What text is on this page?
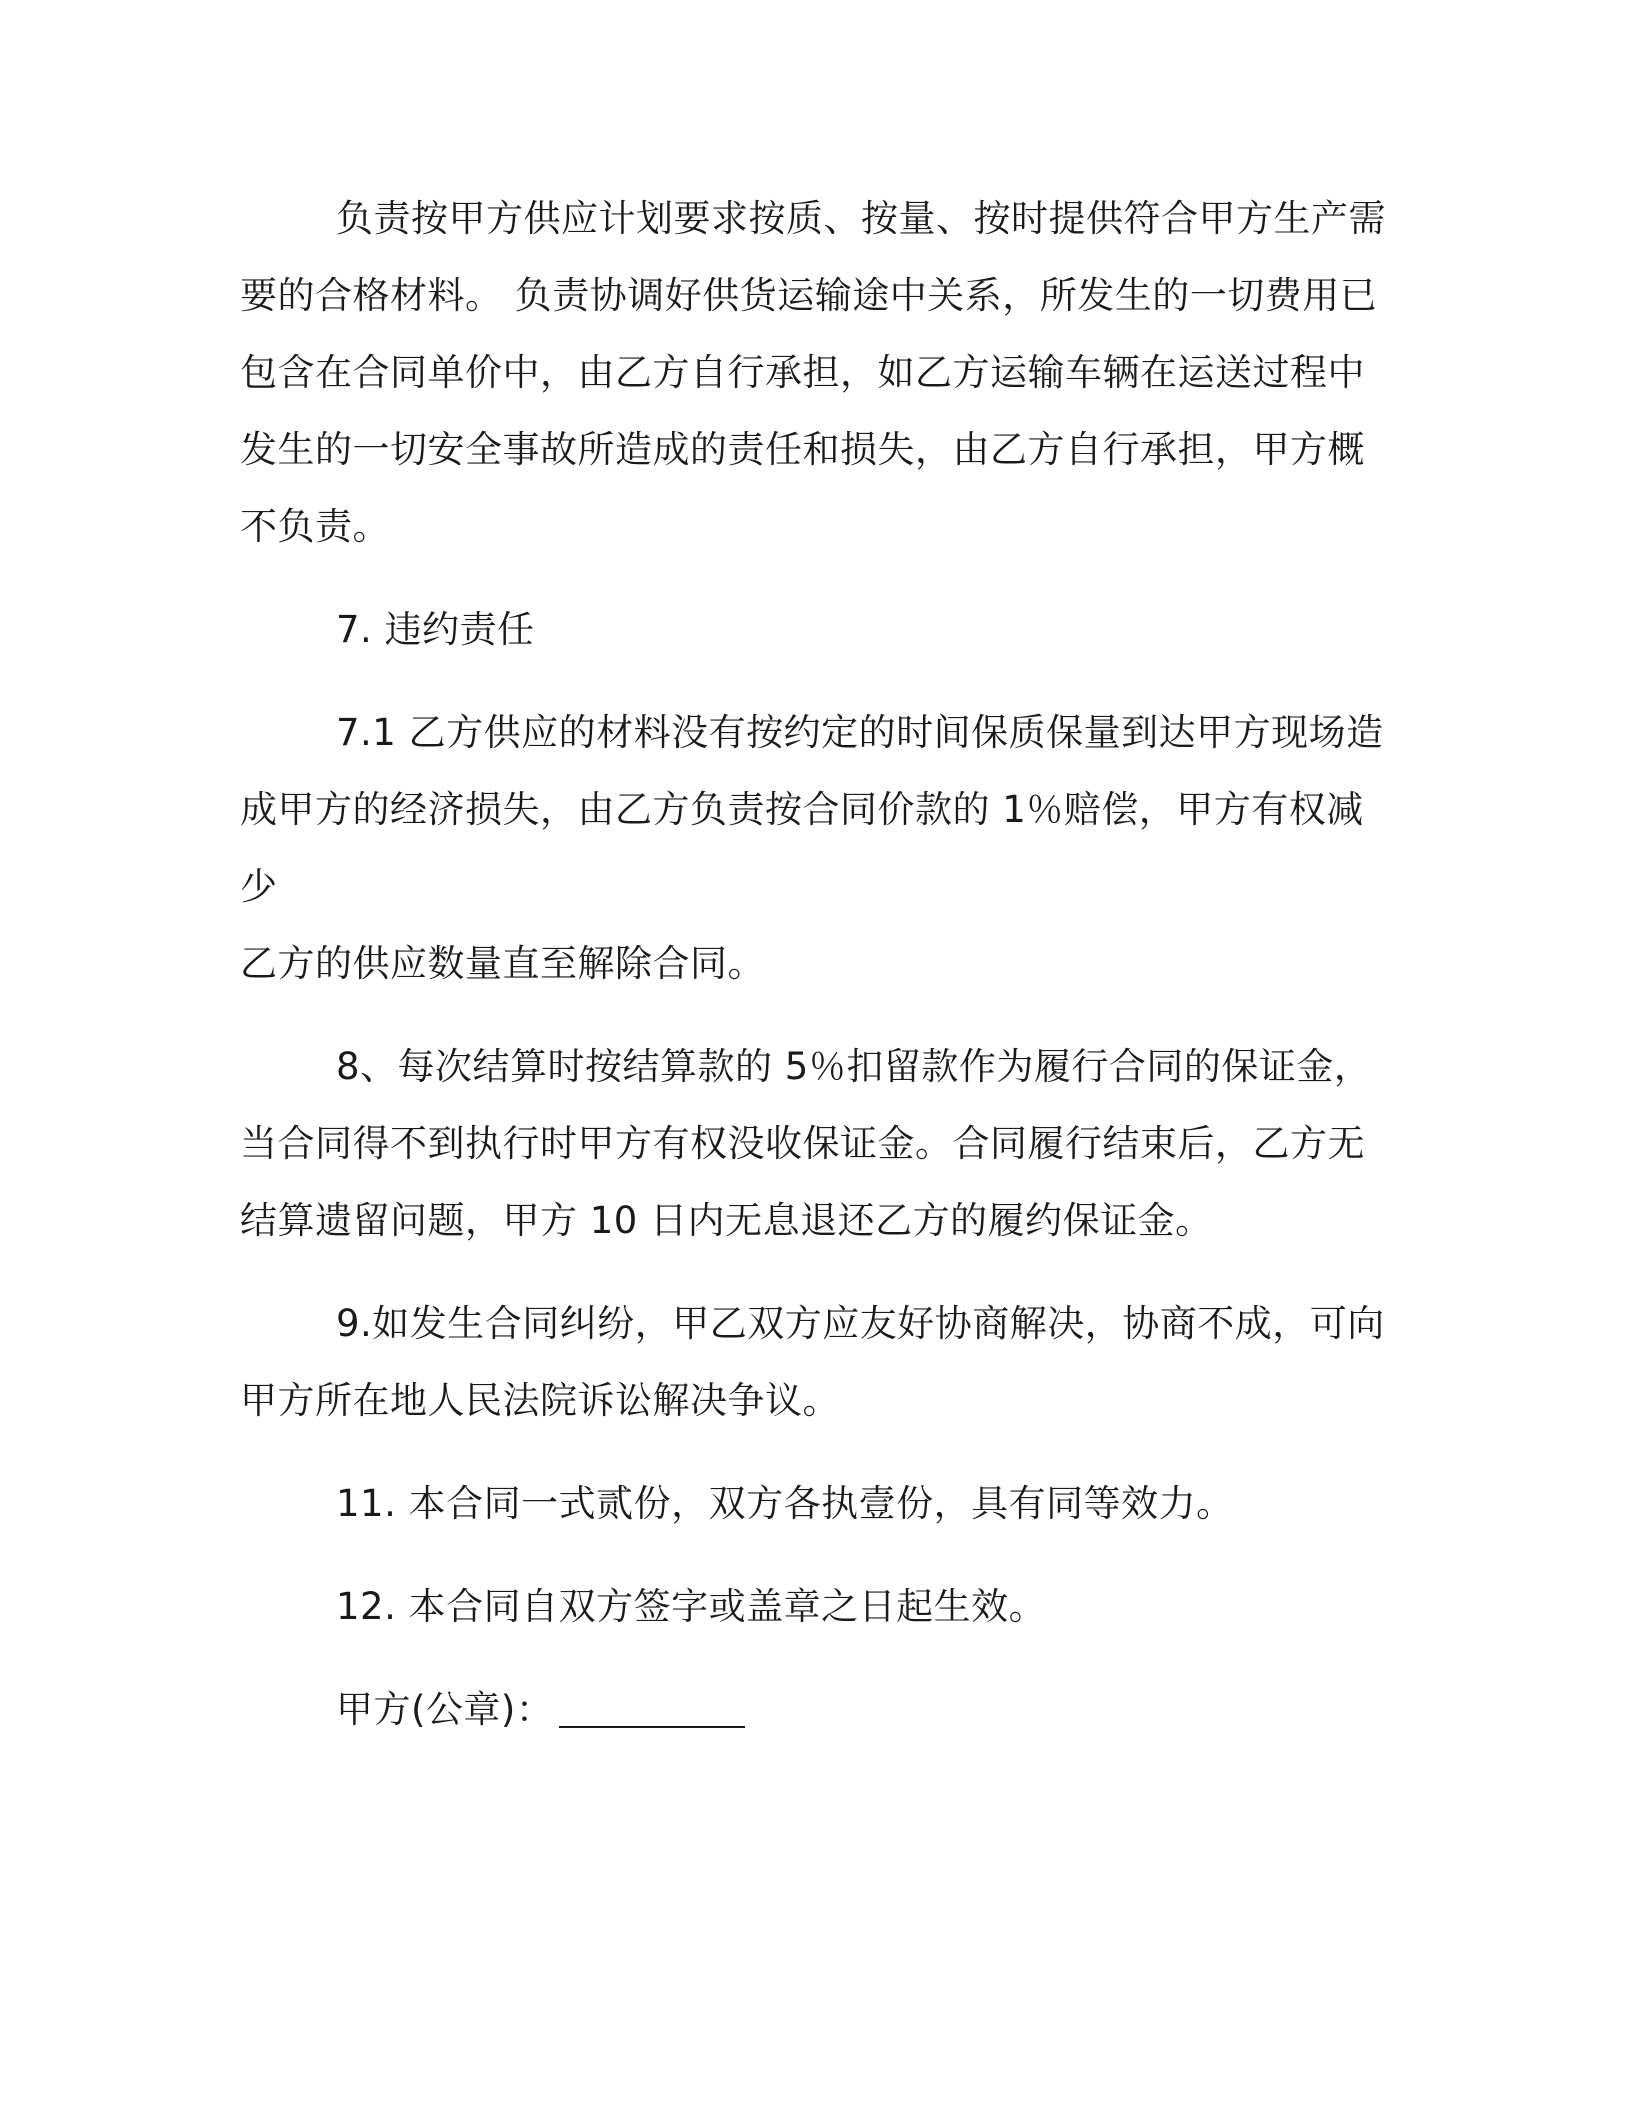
负责按甲方供应计划要求按质、按量、按时提供符合甲方生产需
要的合格材料。 负责协调好供货运输途中关系，所发生的一切费用已
包含在合同单价中，由乙方自行承担，如乙方运输车辆在运送过程中
发生的一切安全事故所造成的责任和损失，由乙方自行承担，甲方概
不负责。

7. 违约责任

7.1 乙方供应的材料没有按约定的时间保质保量到达甲方现场造
成甲方的经济损失，由乙方负责按合同价款的 1％赔偿，甲方有权减少
乙方的供应数量直至解除合同。

8、每次结算时按结算款的 5％扣留款作为履行合同的保证金，
当合同得不到执行时甲方有权没收保证金。合同履行结束后，乙方无
结算遗留问题，甲方 10 日内无息退还乙方的履约保证金。

9.如发生合同纠纷，甲乙双方应友好协商解决，协商不成，可向
甲方所在地人民法院诉讼解决争议。

11. 本合同一式贰份，双方各执壹份，具有同等效力。

12. 本合同自双方签字或盖章之日起生效。

甲方(公章)：
